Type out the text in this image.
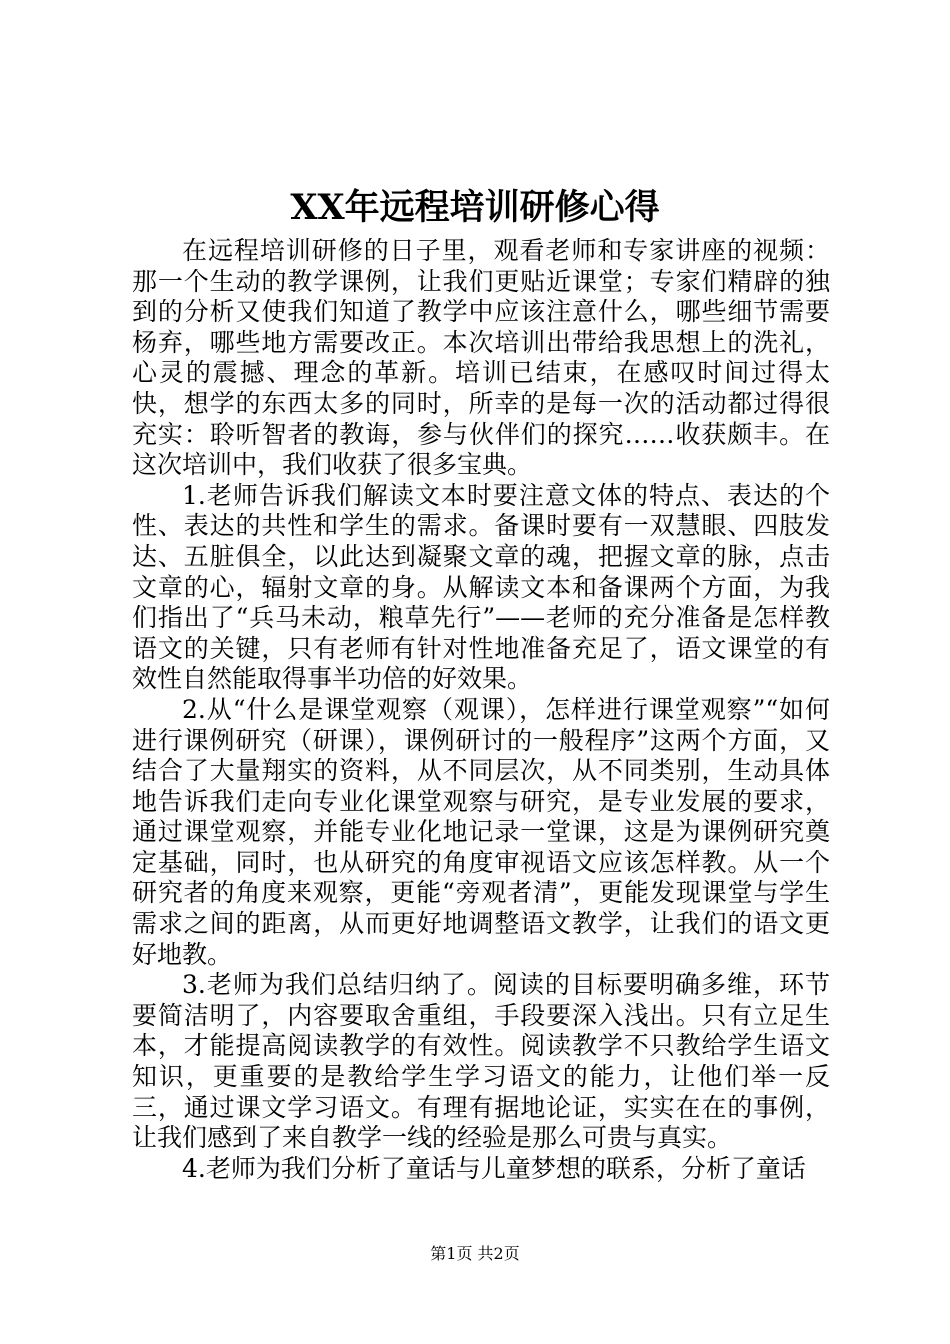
XX年远程培训研修心得

在远程培训研修的日子里，观看老师和专家讲座的视频：那一个生动的教学课例，让我们更贴近课堂；专家们精辟的独到的分析又使我们知道了教学中应该注意什么，哪些细节需要杨弃，哪些地方需要改正。本次培训出带给我思想上的洗礼，心灵的震撼、理念的革新。培训已结束，在感叹时间过得太快，想学的东西太多的同时，所幸的是每一次的活动都过得很充实：聆听智者的教诲，参与伙伴们的探究……收获颇丰。在这次培训中，我们收获了很多宝典。

1.老师告诉我们解读文本时要注意文体的特点、表达的个性、表达的共性和学生的需求。备课时要有一双慧眼、四肢发达、五脏俱全，以此达到凝聚文章的魂，把握文章的脉，点击文章的心，辐射文章的身。从解读文本和备课两个方面，为我们指出了“兵马未动，粮草先行”——老师的充分准备是怎样教语文的关键，只有老师有针对性地准备充足了，语文课堂的有效性自然能取得事半功倍的好效果。

2.从“什么是课堂观察（观课），怎样进行课堂观察”“如何进行课例研究（研课），课例研讨的一般程序”这两个方面，又结合了大量翔实的资料，从不同层次，从不同类别，生动具体地告诉我们走向专业化课堂观察与研究，是专业发展的要求，通过课堂观察，并能专业化地记录一堂课，这是为课例研究奠定基础，同时，也从研究的角度审视语文应该怎样教。从一个研究者的角度来观察，更能“旁观者清”，更能发现课堂与学生需求之间的距离，从而更好地调整语文教学，让我们的语文更好地教。

3.老师为我们总结归纳了。阅读的目标要明确多维，环节要简洁明了，内容要取舍重组，手段要深入浅出。只有立足生本，才能提高阅读教学的有效性。阅读教学不只教给学生语文知识，更重要的是教给学生学习语文的能力，让他们举一反三，通过课文学习语文。有理有据地论证，实实在在的事例，让我们感到了来自教学一线的经验是那么可贵与真实。

4.老师为我们分析了童话与儿童梦想的联系，分析了童话

第1页 共2页
